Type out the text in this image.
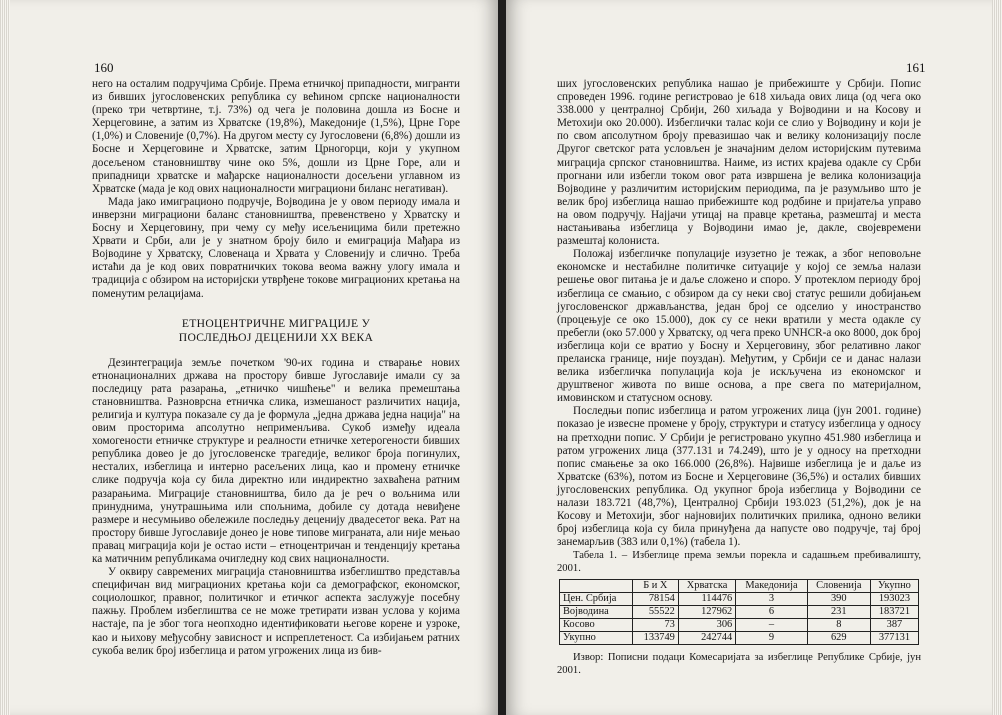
160

него на осталим подручјима Србије. Према етничкој припадности, мигранти из бивших југословенских република су већином српске националности (преко три четвртине, т.ј. 73%) од чега је половина дошла из Босне и Херцеговине, а затим из Хрватске (19,8%), Македоније (1,5%), Црне Горе (1,0%) и Словеније (0,7%). На другом месту су Југословени (6,8%) дошли из Босне и Херцеговине и Хрватске, затим Црногорци, који у укупном досељеном становништву чине око 5%, дошли из Црне Горе, али и припадници хрватске и мађарске националности досељени углавном из Хрватске (мада је код ових националности миграциони биланс негативан).

Мада јако имиграционо подручје, Војводина је у овом периоду имала и инверзни миграциони баланс становништва, превенствено у Хрватску и Босну и Херцеговину, при чему су међу исељеницима били претежно Хрвати и Срби, али је у знатном броју било и емиграција Мађара из Војводине у Хрватску, Словенаца и Хрвата у Словенију и слично. Треба истаћи да је код ових повратничких токова веома важну улогу имала и традиција с обзиром на историјски утврђене токове миграционих кретања на поменутим релацијама.

ЕТНОЦЕНТРИЧНЕ МИГРАЦИЈЕ У
ПОСЛЕДЊОЈ ДЕЦЕНИЈИ XX ВЕКА

Дезинтеграција земље почетком '90-их година и стварање нових етнонационалних држава на простору бивше Југославије имали су за последицу рата разарања, „етничко чишћење" и велика премештања становништва. Разноврсна етничка слика, измешаност различитих нација, религија и култура показале су да је формула „једна држава једна нација" на овим просторима апсолутно неприменљива. Сукоб између идеала хомогености етничке структуре и реалности етничке хетерогености бивших република довео је до југословенске трагедије, великог броја погинулих, несталих, избеглица и интерно расељених лица, као и промену етничке слике подручја која су била директно или индиректно захваћена ратним разарањима. Миграције становништва, било да је реч о вољнима или принуднима, унутрашњима или спољнима, добиле су дотада невиђене размере и несумњиво обележиле последњу деценију двадесетог века. Рат на простору бивше Југославије донео је нове типове миграната, али није мењао правац миграција који је остао исти – етноцентричан и тенденцију кретања ка матичним републикама очигледну код свих националности.

У оквиру савремених миграција становништва избеглиштво представља специфичан вид миграционих кретања који са демографског, економског, социолошког, правног, политичког и етичког аспекта заслужује посебну пажњу. Проблем избеглиштва се не може третирати изван услова у којима настаје, па је због тога неопходно идентификовати његове корене и узроке, као и њихову међусобну зависност и испреплетеност. Са избијањем ратних сукоба велик број избеглица и ратом угрожених лица из бив-

161

ших југословенских република нашао је прибежиште у Србији. Попис спроведен 1996. године регистровао је 618 хиљада ових лица (од чега око 338.000 у централној Србији, 260 хиљада у Војводини и на Косову и Метохији око 20.000). Избеглички талас који се слио у Војводину и који је по свом апсолутном броју превазишао чак и велику колонизацију после Другог светског рата условљен је значајним делом историјским путевима миграција српског становништва. Наиме, из истих крајева одакле су Срби прогнани или избегли током овог рата извршена је велика колонизација Војводине у различитим историјским периодима, па је разумљиво што је велик број избеглица нашао прибежиште код родбине и пријатеља управо на овом подручју. Најјачи утицај на правце кретања, размештај и места настањивања избеглица у Војводини имао је, дакле, својевремени размештај колониста.

Положај избегличке популације изузетно је тежак, а због неповољне економске и нестабилне политичке ситуације у којој се земља налази решење овог питања је и даље сложено и споро. У протеклом периоду број избеглица се смањио, с обзиром да су неки свој статус решили добијањем југословенског држављанства, један број се одселио у иностранство (процењује се око 15.000), док су се неки вратили у места одакле су пребегли (око 57.000 у Хрватску, од чега преко UNHCR-а око 8000, док број избеглица који се вратио у Босну и Херцеговину, због релативно лаког прелаиска границе, није поуздан). Међутим, у Србији се и данас налази велика избегличка популација која је искључена из економског и друштвеног живота по више основа, а пре свега по материјалном, имовинском и статусном основу.

Последњи попис избеглица и ратом угрожених лица (јун 2001. године) показао је извесне промене у броју, структури и статусу избеглица у односу на претходни попис. У Србији је регистровано укупно 451.980 избеглица и ратом угрожених лица (377.131 и 74.249), што је у односу на претходни попис смањење за око 166.000 (26,8%). Највише избеглица је и даље из Хрватске (63%), потом из Босне и Херцеговине (36,5%) и осталих бивших југословенских република. Од укупног броја избеглица у Војводини се налази 183.721 (48,7%), Централној Србији 193.023 (51,2%), док је на Косову и Метохији, због најновијих политичких прилика, одноно велики број избеглица која су била принуђена да напусте ово подручје, тај број занемарљив (383 или 0,1%) (табела 1).

Табела 1. – Избеглице према земљи порекла и садашњем пребивалишту, 2001.

	Б и Х	Хрватска	Македонија	Словенија	Укупно
Цен. Србија	78154	114476	3	390	193023
Војводина	55522	127962	6	231	183721
Косово	73	306	–	8	387
Укупно	133749	242744	9	629	377131

Извор: Пописни подаци Комесаријата за избеглице Републике Србије, јун 2001.
